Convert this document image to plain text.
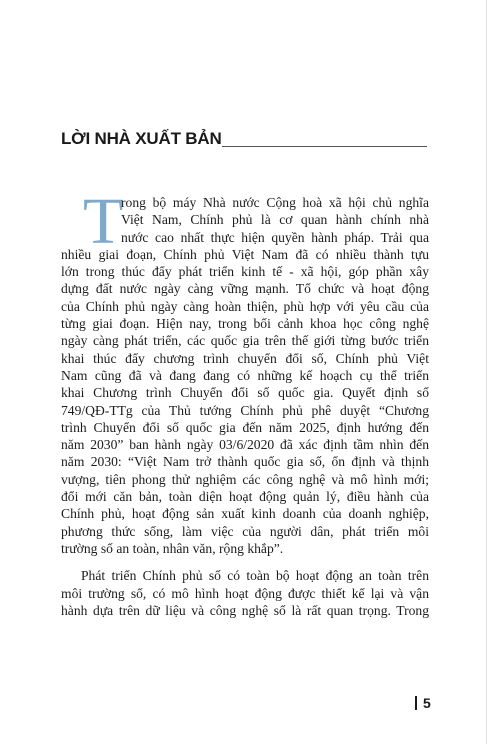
LỜI NHÀ XUẤT BẢN
T
rong bộ máy Nhà nước Cộng hoà xã hội chủ nghĩa
Việt Nam, Chính phủ là cơ quan hành chính nhà
nước cao nhất thực hiện quyền hành pháp. Trải qua
nhiều giai đoạn, Chính phủ Việt Nam đã có nhiều thành tựu
lớn trong thúc đẩy phát triển kinh tế - xã hội, góp phần xây
dựng đất nước ngày càng vững mạnh. Tổ chức và hoạt động
của Chính phủ ngày càng hoàn thiện, phù hợp với yêu cầu của
từng giai đoạn. Hiện nay, trong bối cảnh khoa học công nghệ
ngày càng phát triển, các quốc gia trên thế giới từng bước triển
khai thúc đẩy chương trình chuyển đổi số, Chính phủ Việt
Nam cũng đã và đang đang có những kế hoạch cụ thể triển
khai Chương trình Chuyển đổi số quốc gia. Quyết định số
749/QĐ-TTg của Thủ tướng Chính phủ phê duyệt “Chương
trình Chuyển đổi số quốc gia đến năm 2025, định hướng đến
năm 2030” ban hành ngày 03/6/2020 đã xác định tầm nhìn đến
năm 2030: “Việt Nam trở thành quốc gia số, ổn định và thịnh
vượng, tiên phong thử nghiệm các công nghệ và mô hình mới;
đổi mới căn bản, toàn diện hoạt động quản lý, điều hành của
Chính phủ, hoạt động sản xuất kinh doanh của doanh nghiệp,
phương thức sống, làm việc của người dân, phát triển môi
trường số an toàn, nhân văn, rộng khắp”.
Phát triển Chính phủ số có toàn bộ hoạt động an toàn trên
môi trường số, có mô hình hoạt động được thiết kế lại và vận
hành dựa trên dữ liệu và công nghệ số là rất quan trọng. Trong
5
